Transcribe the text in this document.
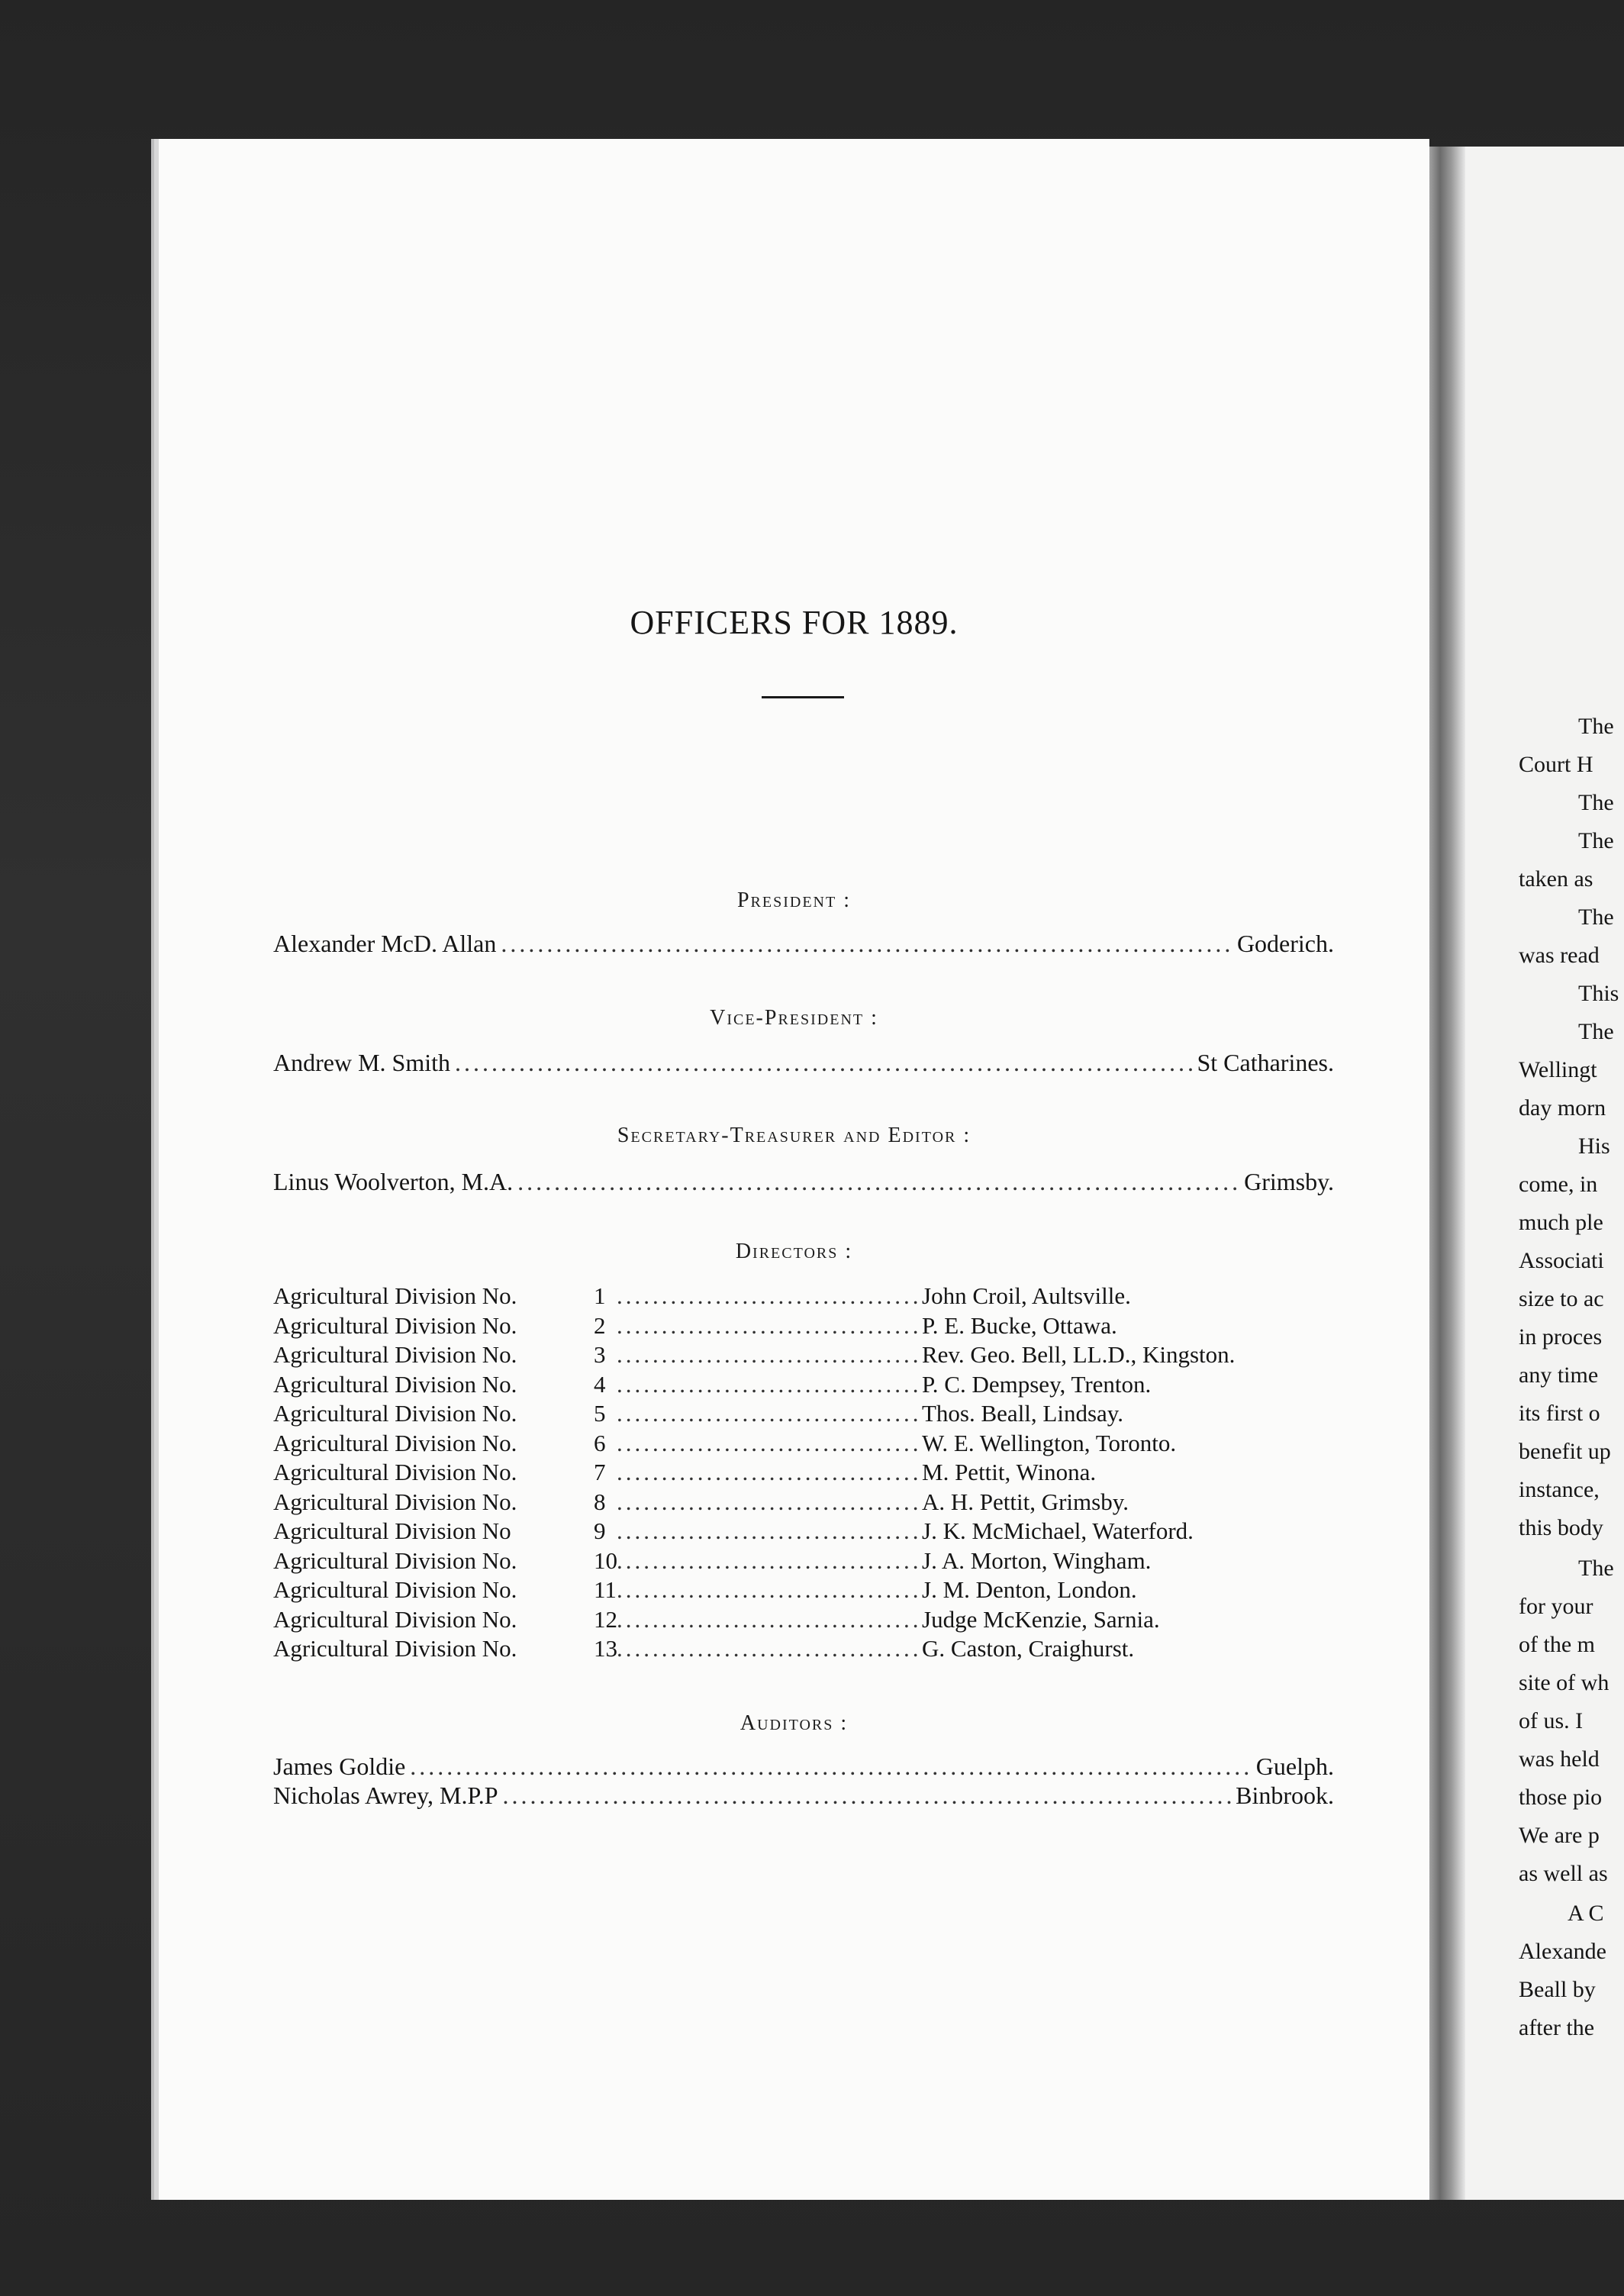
OFFICERS FOR 1889.
President :
Alexander McD. Allan .....	Goderich.
Vice-President :
Andrew M. Smith .....	St Catharines.
Secretary-Treasurer and Editor :
Linus Woolverton, M.A. .....	Grimsby.
Directors :
Agricultural Division No.	1 .....	John Croil, Aultsville.
Agricultural Division No.	2 .....	P. E. Bucke, Ottawa.
Agricultural Division No.	3 .....	Rev. Geo. Bell, LL.D., Kingston.
Agricultural Division No.	4 .....	P. C. Dempsey, Trenton.
Agricultural Division No.	5 .....	Thos. Beall, Lindsay.
Agricultural Division No.	6 .....	W. E. Wellington, Toronto.
Agricultural Division No.	7 .....	M. Pettit, Winona.
Agricultural Division No.	8 .....	A. H. Pettit, Grimsby.
Agricultural Division No	9 .....	J. K. McMichael, Waterford.
Agricultural Division No.	10 .....	J. A. Morton, Wingham.
Agricultural Division No.	11 .....	J. M. Denton, London.
Agricultural Division No.	12 .....	Judge McKenzie, Sarnia.
Agricultural Division No.	13 .....	G. Caston, Craighurst.
Auditors :
James Goldie .....	Guelph.
Nicholas Awrey, M.P.P .....	Binbrook.
The
Court H
The
The
taken as
The
was read
This
The
Wellingt
day morn
His
come, in
much ple
Associati
size to ac
in proces
any time
its first o
benefit up
instance,
this body
The
for your
of the m
site of wh
of us. I
was held
those pio
We are p
as well as
A C
Alexande
Beall by
after the
